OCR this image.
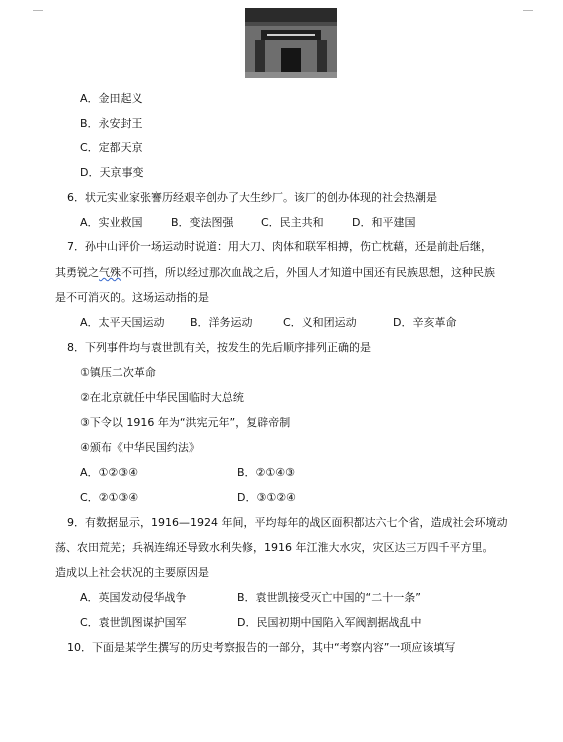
A．金田起义
B．永安封王
C．定都天京
D．天京事变
6．状元实业家张謇历经艰辛创办了大生纱厂。该厂的创办体现的社会热潮是
A．实业救国	B．变法图强 C．民主共和	D．和平建国
7．孙中山评价一场运动时说道：用大刀、肉体和联军相搏，伤亡枕藉，还是前赴后继，
其勇锐之气殊不可挡，所以经过那次血战之后，外国人才知道中国还有民族思想，这种民族
是不可消灭的。这场运动指的是
A．太平天国运动 B．洋务运动	C．义和团运动	D．辛亥革命
8．下列事件均与袁世凯有关，按发生的先后顺序排列正确的是
①镇压二次革命
②在北京就任中华民国临时大总统
③下令以 1916 年为“洪宪元年”，复辟帝制
④颁布《中华民国约法》
A．①②③④	B．②①④③
C．②①③④	D．③①②④
9．有数据显示，1916—1924 年间，平均每年的战区面积都达六七个省，造成社会环境动
荡、农田荒芜；兵祸连绵还导致水利失修，1916 年江淮大水灾，灾区达三万四千平方里。
造成以上社会状况的主要原因是
A．英国发动侵华战争	B．袁世凯接受灭亡中国的“二十一条”
C．袁世凯图谋护国军	D．民国初期中国陷入军阀割据战乱中
10．下面是某学生撰写的历史考察报告的一部分，其中“考察内容”一项应该填写
